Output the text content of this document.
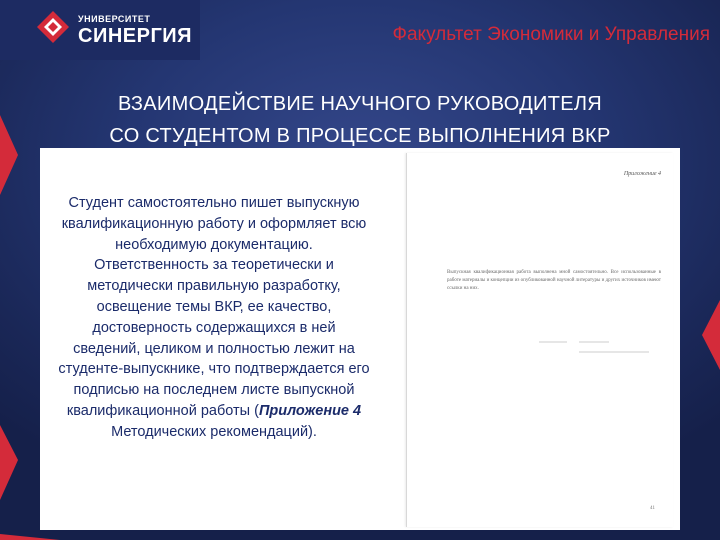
УНИВЕРСИТЕТ
СИНЕРГИЯ	Факультет Экономики и Управления
ВЗАИМОДЕЙСТВИЕ НАУЧНОГО РУКОВОДИТЕЛЯ
СО СТУДЕНТОМ В ПРОЦЕССЕ ВЫПОЛНЕНИЯ ВКР
Студент самостоятельно пишет выпускную квалификационную работу и оформляет всю необходимую документацию.
Ответственность за теоретически и методически правильную разработку, освещение темы ВКР, ее качество, достоверность содержащихся в ней сведений, целиком и полностью лежит на студенте-выпускнике, что подтверждается его подписью на последнем листе выпускной квалификационной работы (Приложение 4 Методических рекомендаций).
Приложение 4
Выпускная квалификационная работа выполнена мной самостоятельно. Все использованные в работе материалы и концепции из опубликованной научной литературы и других источников имеют ссылки на них.
41
